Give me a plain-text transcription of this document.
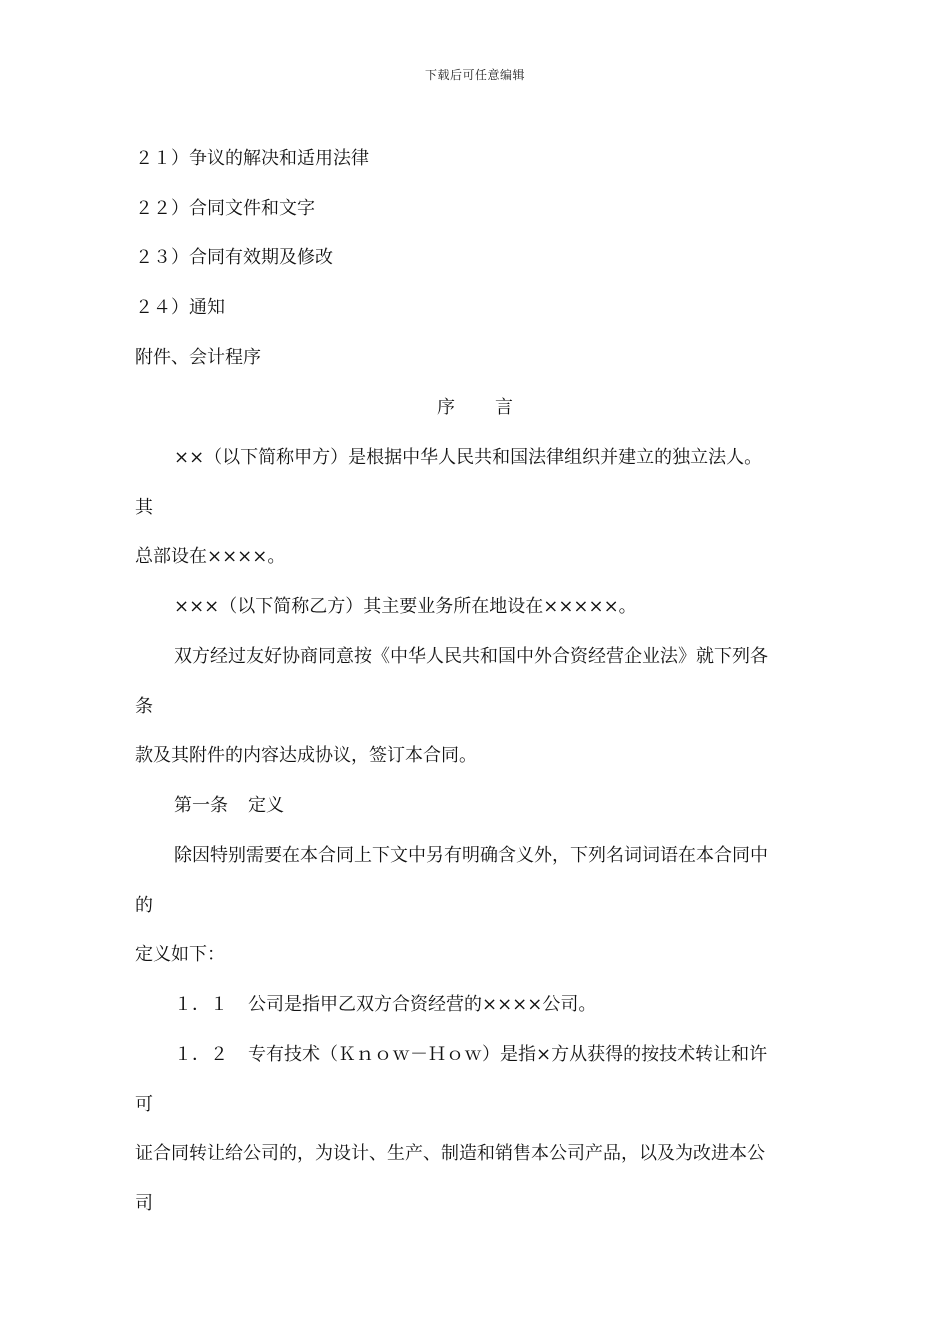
下载后可任意编辑
２１）争议的解决和适用法律
２２）合同文件和文字
２３）合同有效期及修改
２４）通知
附件、会计程序
序 言
××（以下简称甲方）是根据中华人民共和国法律组织并建立的独立法人。
其
总部设在××××。
×××（以下简称乙方）其主要业务所在地设在×××××。
双方经过友好协商同意按《中华人民共和国中外合资经营企业法》就下列各
条
款及其附件的内容达成协议，签订本合同。
第一条 定义
除因特别需要在本合同上下文中另有明确含义外，下列名词词语在本合同中
的
定义如下：
１．１ 公司是指甲乙双方合资经营的××××公司。
１．２ 专有技术（Ｋｎｏｗ－Ｈｏｗ）是指×方从获得的按技术转让和许
可
证合同转让给公司的，为设计、生产、制造和销售本公司产品，以及为改进本公
司
